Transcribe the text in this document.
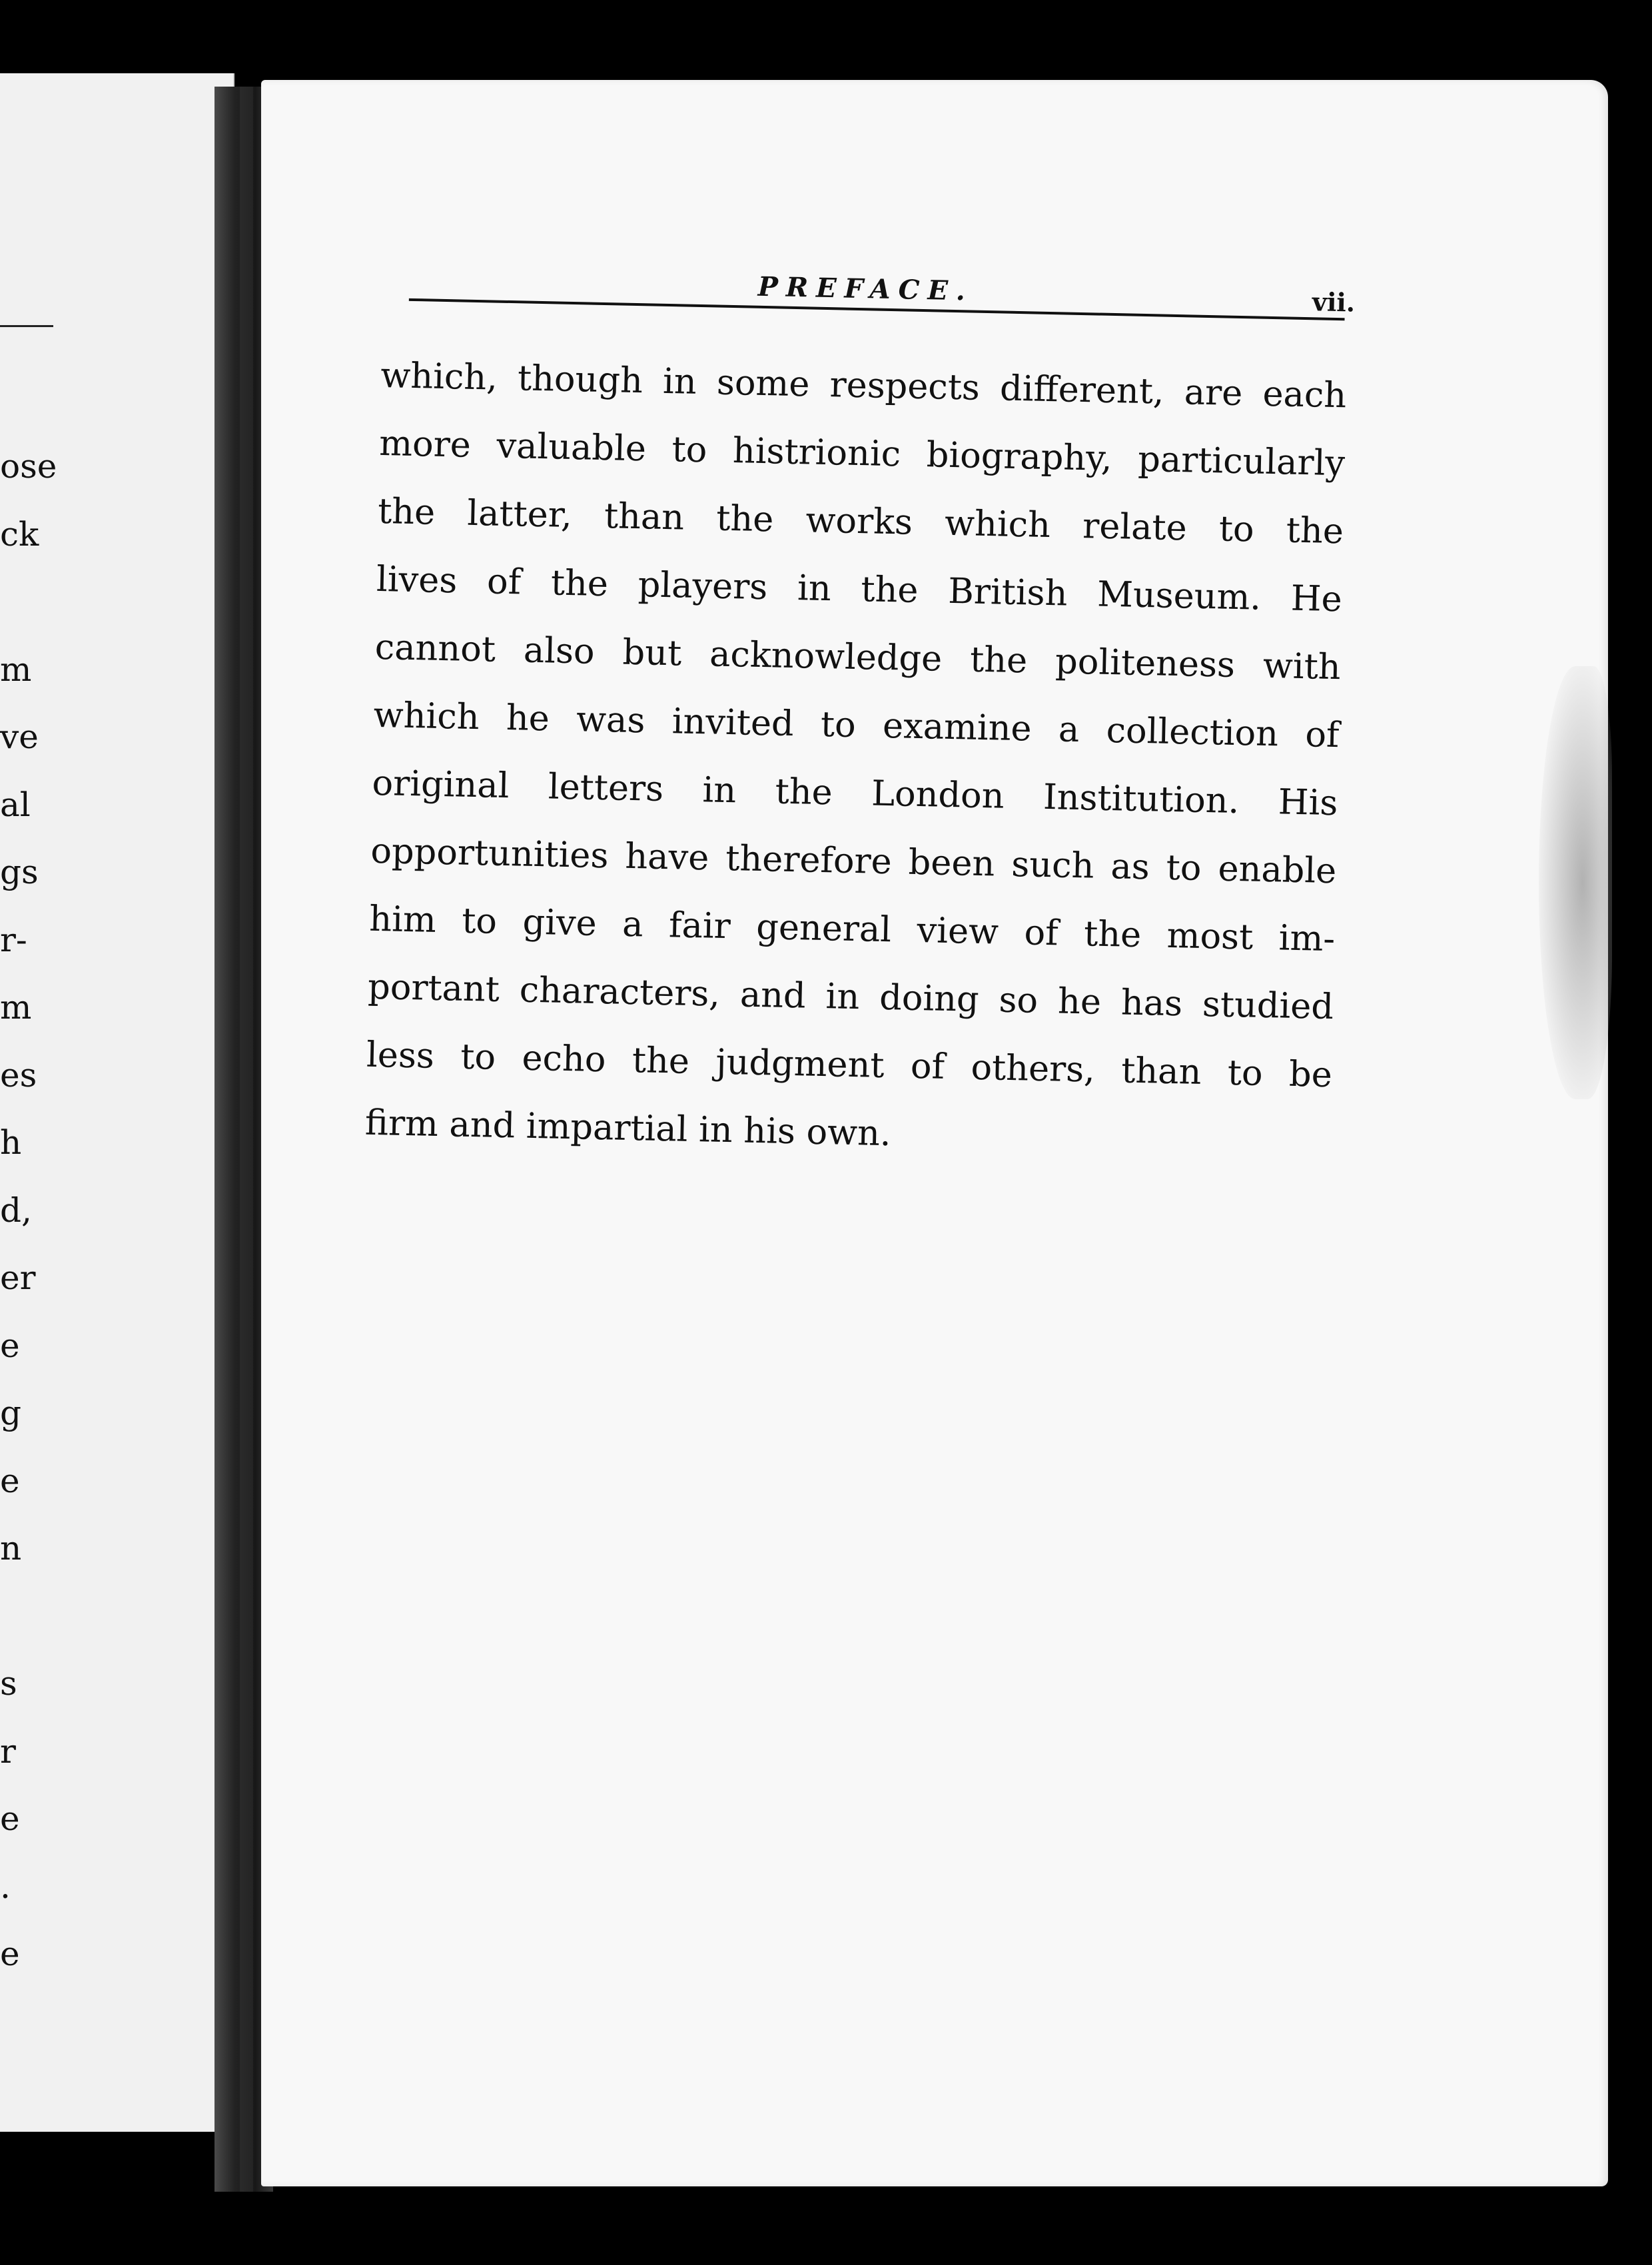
ose
ck
m
ve
al
gs
r-
m
es
h
d,
er
e
g
e
n
s
r
e
.
e
PREFACE.	vii.
which, though in some respects different, are each
more valuable to histrionic biography, particularly
the latter, than the works which relate to the
lives of the players in the British Museum. He
cannot also but acknowledge the politeness with
which he was invited to examine a collection of
original letters in the London Institution. His
opportunities have therefore been such as to enable
him to give a fair general view of the most im-
portant characters, and in doing so he has studied
less to echo the judgment of others, than to be
firm and impartial in his own.
